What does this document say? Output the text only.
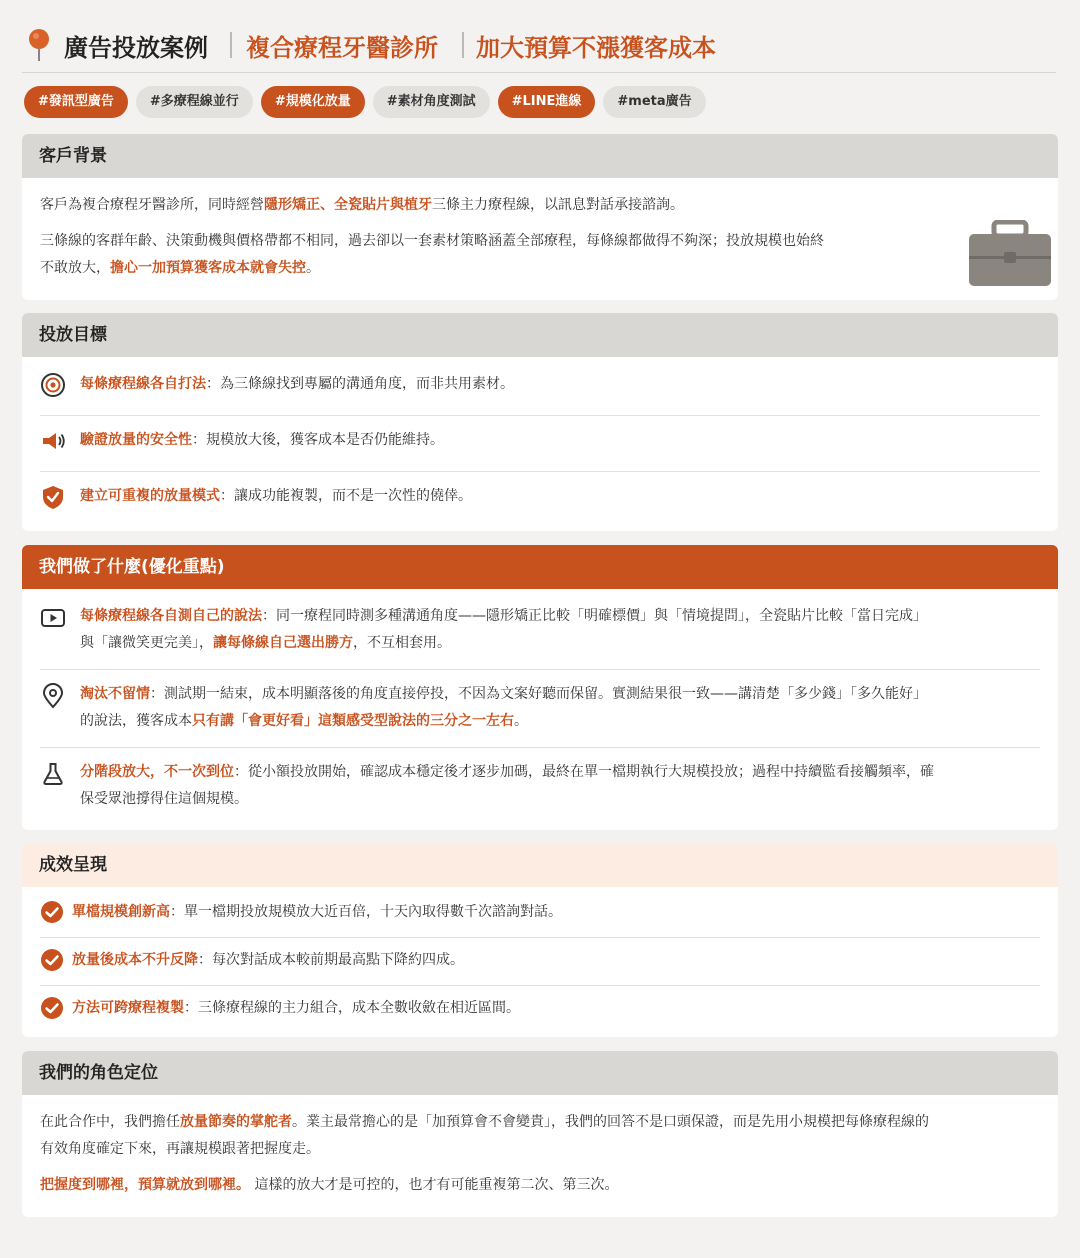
廣告投放案例 複合療程牙醫診所 加大預算不漲獲客成本
#發訊型廣告	#多療程線並行	#規模化放量	#素材角度測試	#LINE進線	#meta廣告
客戶背景

客戶為複合療程牙醫診所，同時經營隱形矯正、全瓷貼片與植牙三條主力療程線，以訊息對話承接諮詢。

三條線的客群年齡、決策動機與價格帶都不相同，過去卻以一套素材策略涵蓋全部療程，每條線都做得不夠深；投放規模也始終
不敢放大，擔心一加預算獲客成本就會失控。

投放目標
每條療程線各自打法：為三條線找到專屬的溝通角度，而非共用素材。
驗證放量的安全性：規模放大後，獲客成本是否仍能維持。
建立可重複的放量模式：讓成功能複製，而不是一次性的僥倖。
我們做了什麼(優化重點)
每條療程線各自測自己的說法：同一療程同時測多種溝通角度——隱形矯正比較「明確標價」與「情境提問」，全瓷貼片比較「當日完成」
與「讓微笑更完美」，讓每條線自己選出勝方，不互相套用。
淘汰不留情：測試期一結束，成本明顯落後的角度直接停投，不因為文案好聽而保留。實測結果很一致——講清楚「多少錢」「多久能好」
的說法，獲客成本只有講「會更好看」這類感受型說法的三分之一左右。
分階段放大，不一次到位：從小額投放開始，確認成本穩定後才逐步加碼，最終在單一檔期執行大規模投放；過程中持續監看接觸頻率，確
保受眾池撐得住這個規模。
成效呈現
單檔規模創新高：單一檔期投放規模放大近百倍，十天內取得數千次諮詢對話。
放量後成本不升反降：每次對話成本較前期最高點下降約四成。
方法可跨療程複製：三條療程線的主力組合，成本全數收斂在相近區間。
我們的角色定位

在此合作中，我們擔任放量節奏的掌舵者。業主最常擔心的是「加預算會不會變貴」，我們的回答不是口頭保證，而是先用小規模把每條療程線的
有效角度確定下來，再讓規模跟著把握度走。

把握度到哪裡，預算就放到哪裡。 這樣的放大才是可控的，也才有可能重複第二次、第三次。
